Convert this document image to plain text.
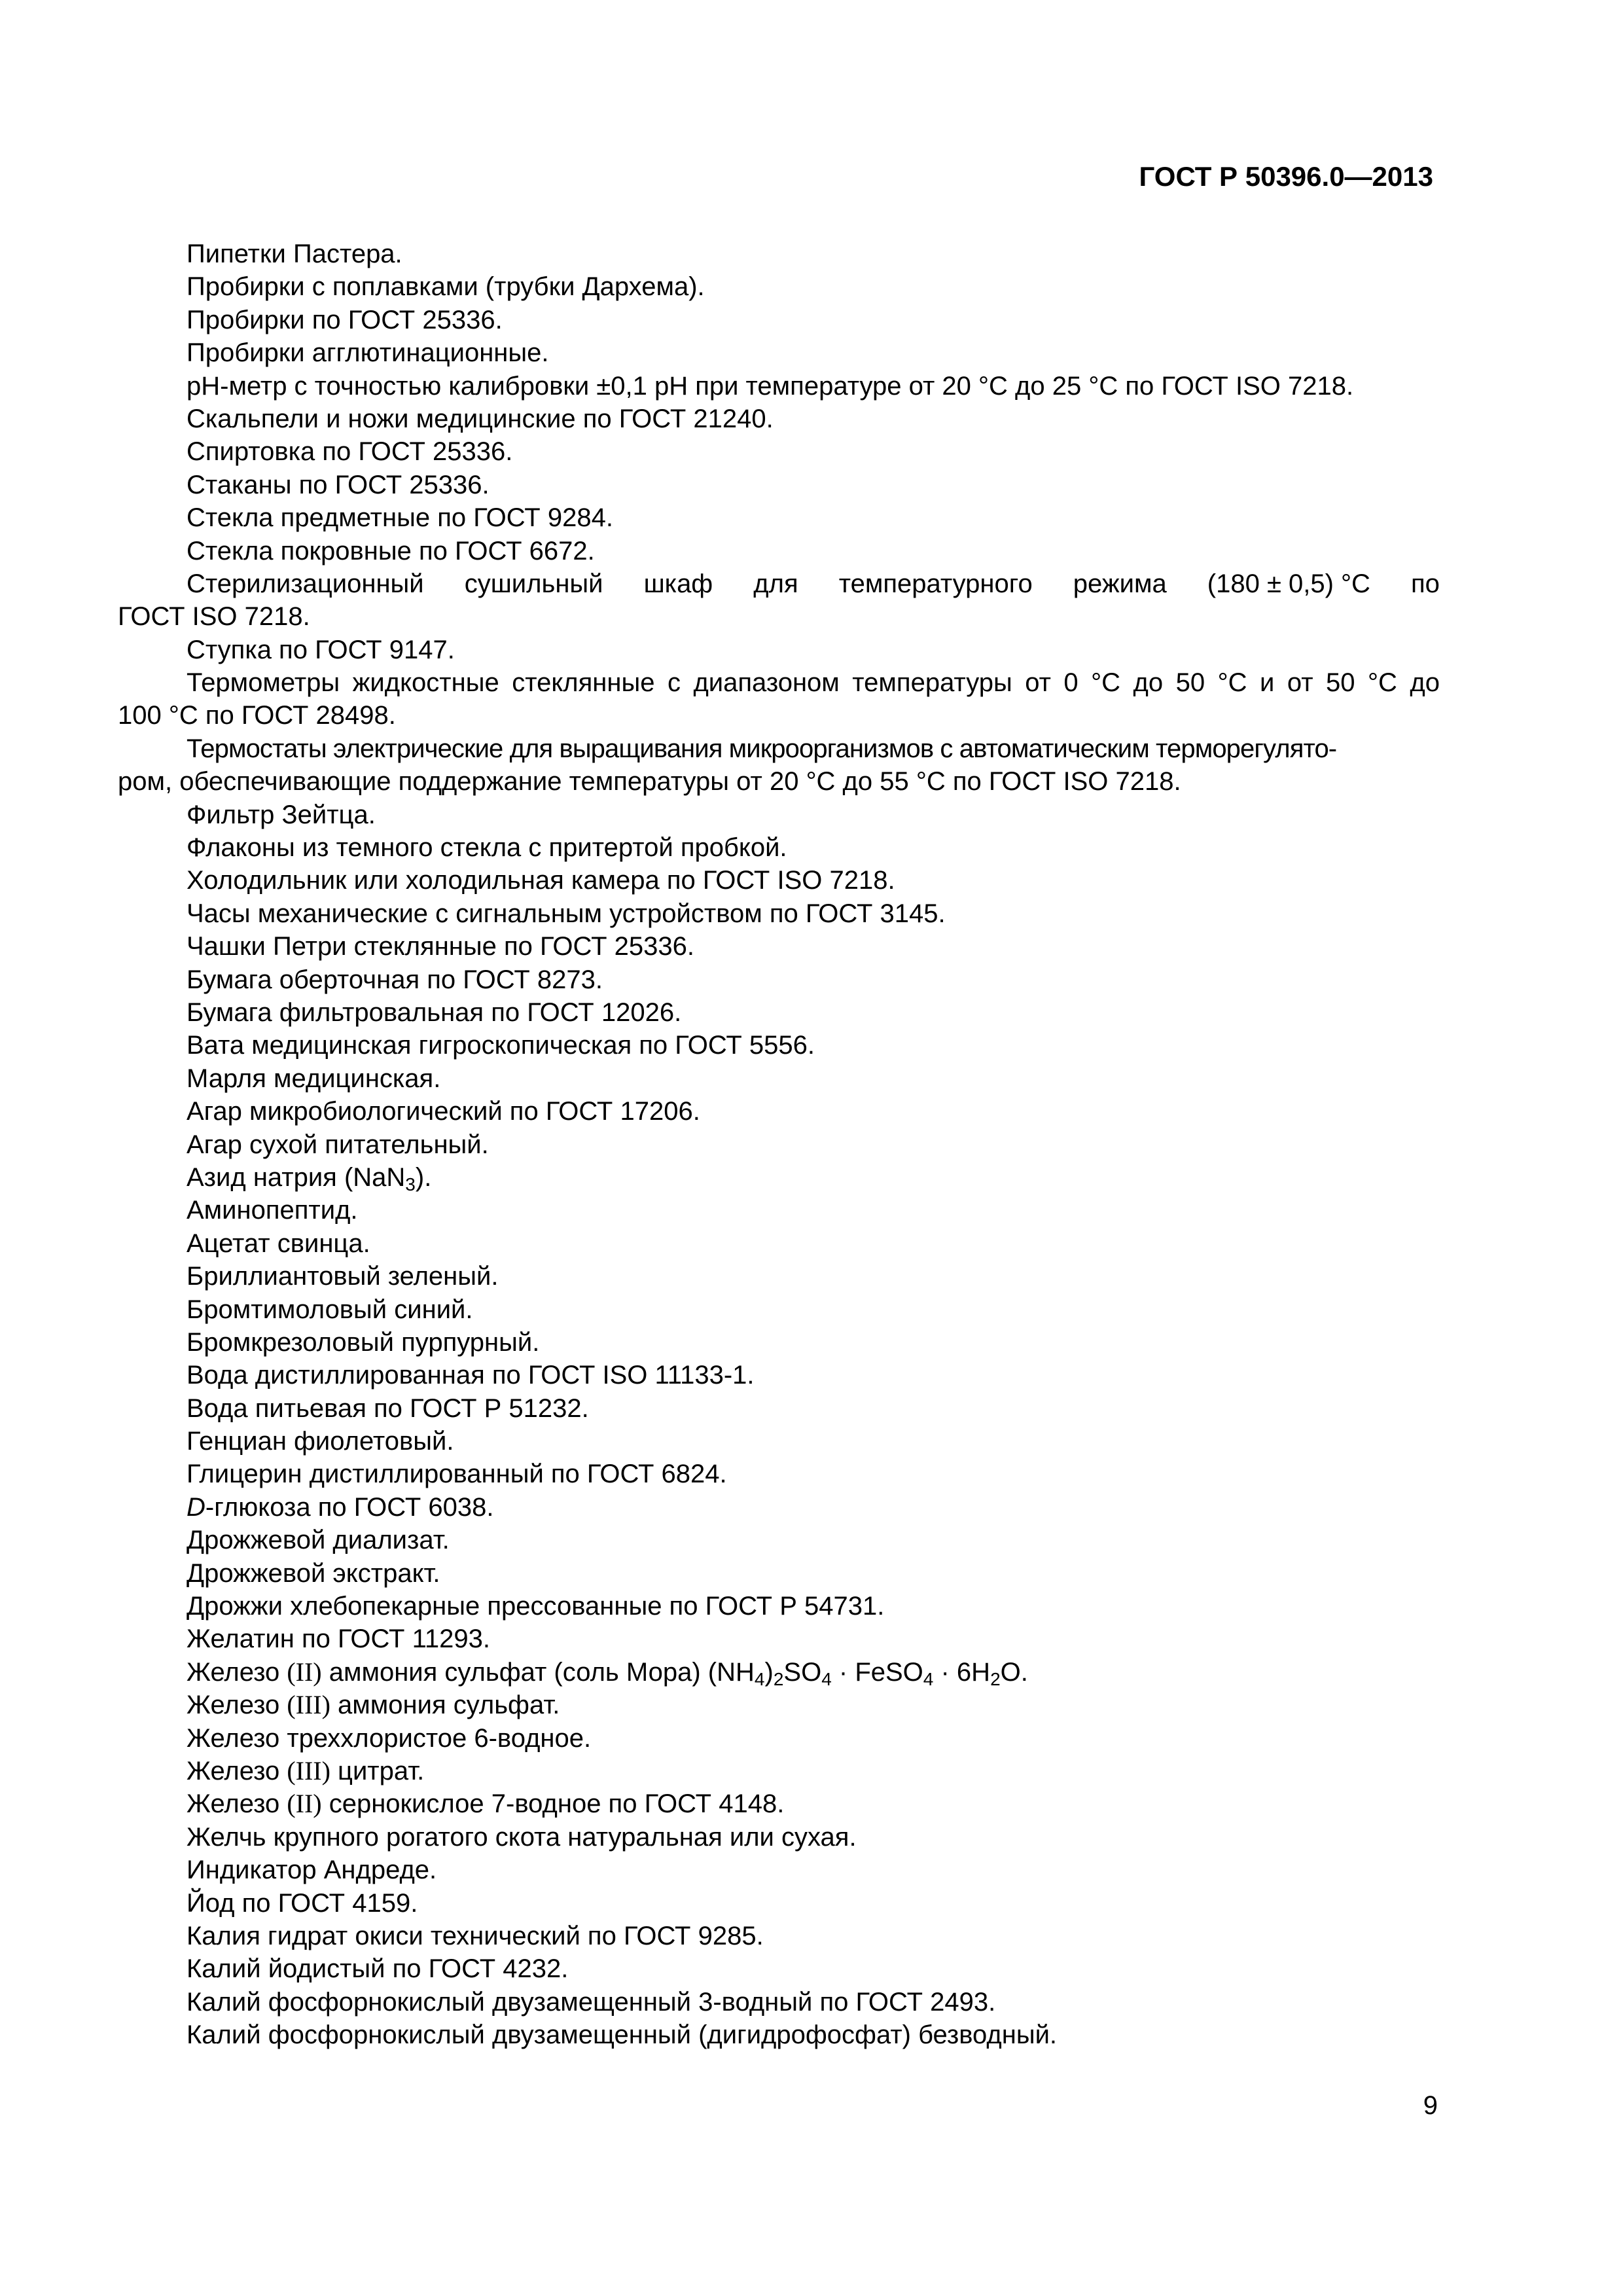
ГОСТ Р 50396.0—2013
Пипетки Пастера.
Пробирки с поплавками (трубки Дархема).
Пробирки по ГОСТ 25336.
Пробирки агглютинационные.
рН-метр с точностью калибровки ±0,1 рН при температуре от 20 °С до 25 °С по ГОСТ ISO 7218.
Скальпели и ножи медицинские по ГОСТ 21240.
Спиртовка по ГОСТ 25336.
Стаканы по ГОСТ 25336.
Стекла предметные по ГОСТ 9284.
Стекла покровные по ГОСТ 6672.
Стерилизационный сушильный шкаф для температурного режима (180 ± 0,5) °С по
ГОСТ ISO 7218.
Ступка по ГОСТ 9147.
Термометры жидкостные стеклянные с диапазоном температуры от 0 °С до 50 °С и от 50 °С до
100 °С по ГОСТ 28498.
Термостаты электрические для выращивания микроорганизмов с автоматическим терморегулято-
ром, обеспечивающие поддержание температуры от 20 °С до 55 °С по ГОСТ ISO 7218.
Фильтр Зейтца.
Флаконы из темного стекла с притертой пробкой.
Холодильник или холодильная камера по ГОСТ ISO 7218.
Часы механические с сигнальным устройством по ГОСТ 3145.
Чашки Петри стеклянные по ГОСТ 25336.
Бумага оберточная по ГОСТ 8273.
Бумага фильтровальная по ГОСТ 12026.
Вата медицинская гигроскопическая по ГОСТ 5556.
Марля медицинская.
Агар микробиологический по ГОСТ 17206.
Агар сухой питательный.
Азид натрия (NaN$_3$).
Аминопептид.
Ацетат свинца.
Бриллиантовый зеленый.
Бромтимоловый синий.
Бромкрезоловый пурпурный.
Вода дистиллированная по ГОСТ ISO 11133-1.
Вода питьевая по ГОСТ Р 51232.
Генциан фиолетовый.
Глицерин дистиллированный по ГОСТ 6824.
D-глюкоза по ГОСТ 6038.
Дрожжевой диализат.
Дрожжевой экстракт.
Дрожжи хлебопекарные прессованные по ГОСТ Р 54731.
Желатин по ГОСТ 11293.
Железо (II) аммония сульфат (соль Мора) $(NH_4)_2SO_4$ · FeSO$_4$ · $6H_2O$.
Железо (III) аммония сульфат.
Железо треххлористое 6-водное.
Железо (III) цитрат.
Железо (II) сернокислое 7-водное по ГОСТ 4148.
Желчь крупного рогатого скота натуральная или сухая.
Индикатор Андреде.
Йод по ГОСТ 4159.
Калия гидрат окиси технический по ГОСТ 9285.
Калий йодистый по ГОСТ 4232.
Калий фосфорнокислый двузамещенный 3-водный по ГОСТ 2493.
Калий фосфорнокислый двузамещенный (дигидрофосфат) безводный.
9
